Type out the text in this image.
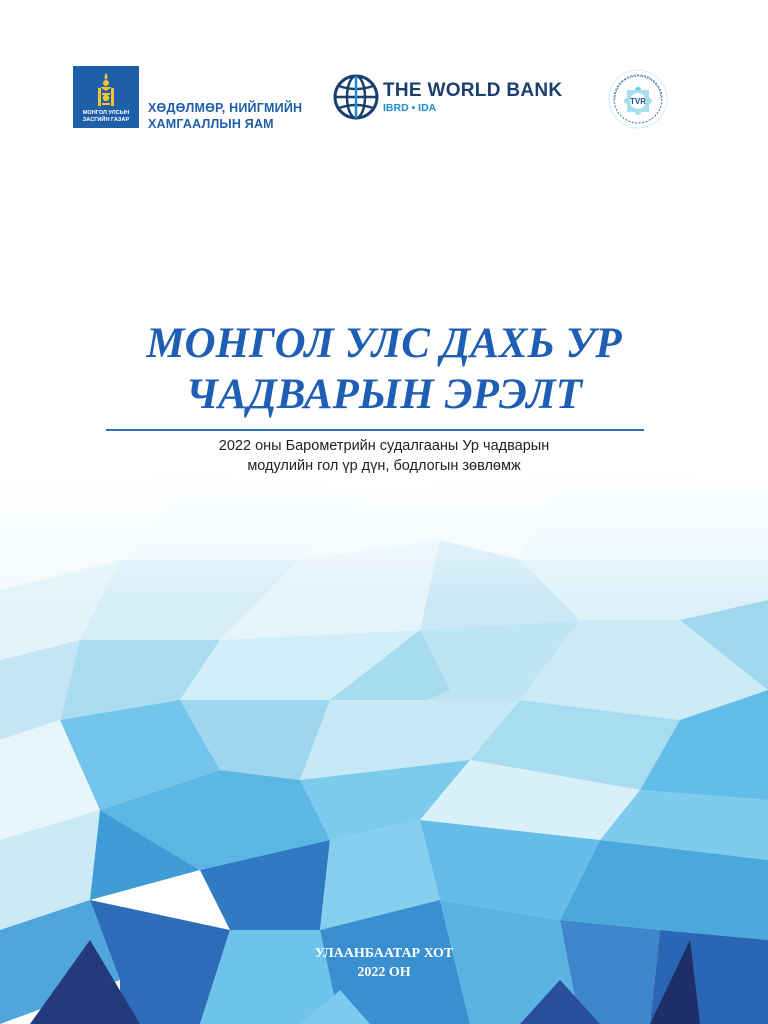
МОНГОЛ УЛСЫН
ЗАСГИЙН ГАЗАР
ХӨДӨЛМӨР, НИЙГМИЙН
ХАМГААЛЛЫН ЯАМ
THE WORLD BANK
IBRD • IDA
TVR
МОНГОЛ УЛС ДАХЬ УР
ЧАДВАРЫН ЭРЭЛТ
2022 оны Барометрийн судалгааны Ур чадварын
модулийн гол үр дүн, бодлогын зөвлөмж
УЛААНБААТАР ХОТ
2022 ОН
